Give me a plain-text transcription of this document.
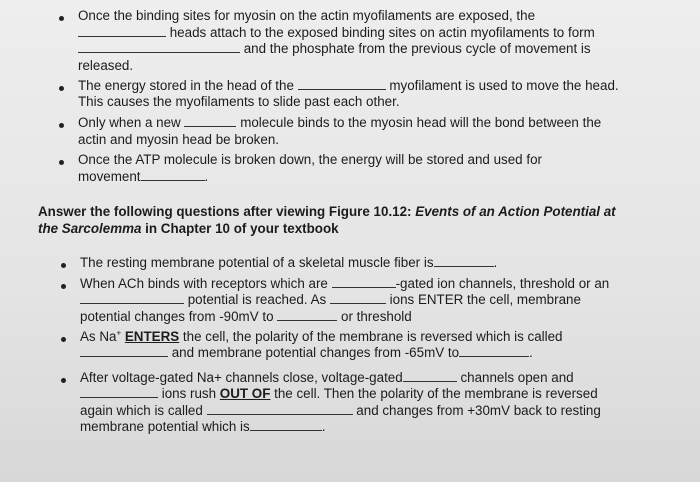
Once the binding sites for myosin on the actin myofilaments are exposed, the
heads attach to the exposed binding sites on actin myofilaments to form
and the phosphate from the previous cycle of movement is
released.
The energy stored in the head of the	myofilament is used to move the head.
This causes the myofilaments to slide past each other.
Only when a new	molecule binds to the myosin head will the bond between the
actin and myosin head be broken.
Once the ATP molecule is broken down, the energy will be stored and used for
movement	.
Answer the following questions after viewing Figure 10.12: Events of an Action Potential at
the Sarcolemma in Chapter 10 of your textbook
The resting membrane potential of a skeletal muscle fiber is	.
When ACh binds with receptors which are	-gated ion channels, threshold or an
potential is reached. As	ions ENTER the cell, membrane
potential changes from -90mV to	or threshold
As Na+ ENTERS the cell, the polarity of the membrane is reversed which is called
and membrane potential changes from -65mV to	.
After voltage-gated Na+ channels close, voltage-gated	channels open and
ions rush OUT OF the cell. Then the polarity of the membrane is reversed
again which is called	and changes from +30mV back to resting
membrane potential which is	.
